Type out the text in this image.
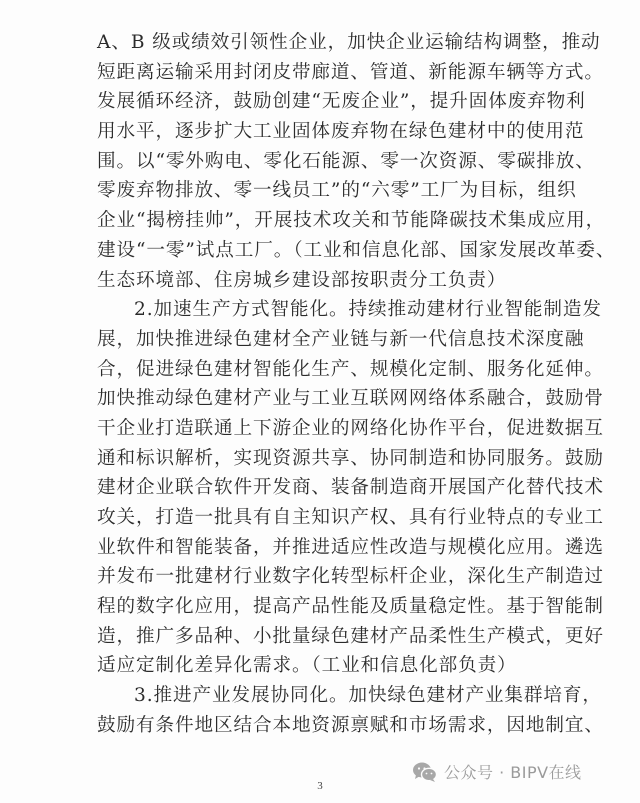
A、B 级或绩效引领性企业，加快企业运输结构调整，推动
短距离运输采用封闭皮带廊道、管道、新能源车辆等方式。
发展循环经济，鼓励创建“无废企业”，提升固体废弃物利
用水平，逐步扩大工业固体废弃物在绿色建材中的使用范
围。以“零外购电、零化石能源、零一次资源、零碳排放、
零废弃物排放、零一线员工”的“六零”工厂为目标，组织
企业“揭榜挂帅”，开展技术攻关和节能降碳技术集成应用，
建设“一零”试点工厂。（工业和信息化部、国家发展改革委、
生态环境部、住房城乡建设部按职责分工负责）
2.加速生产方式智能化。持续推动建材行业智能制造发
展，加快推进绿色建材全产业链与新一代信息技术深度融
合，促进绿色建材智能化生产、规模化定制、服务化延伸。
加快推动绿色建材产业与工业互联网网络体系融合，鼓励骨
干企业打造联通上下游企业的网络化协作平台，促进数据互
通和标识解析，实现资源共享、协同制造和协同服务。鼓励
建材企业联合软件开发商、装备制造商开展国产化替代技术
攻关，打造一批具有自主知识产权、具有行业特点的专业工
业软件和智能装备，并推进适应性改造与规模化应用。遴选
并发布一批建材行业数字化转型标杆企业，深化生产制造过
程的数字化应用，提高产品性能及质量稳定性。基于智能制
造，推广多品种、小批量绿色建材产品柔性生产模式，更好
适应定制化差异化需求。（工业和信息化部负责）
3.推进产业发展协同化。加快绿色建材产业集群培育，
鼓励有条件地区结合本地资源禀赋和市场需求，因地制宜、
公众号 · BIPV在线
3
